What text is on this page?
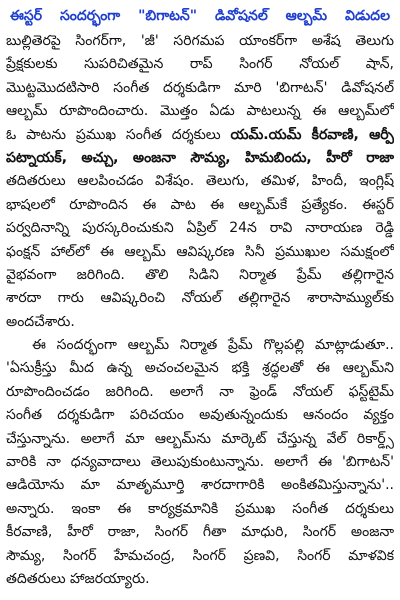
ఈస్టర్ సందర్భంగా "బిగాటన్" డివోషనల్ ఆల్బమ్ విడుదల
బుల్లితెరపై సింగర్‌గా, 'జీ' సరిగమప యాంకర్‌గా అశేష తెలుగు
ప్రేక్షకులకు సుపరిచితమైన రాప్ సింగర్ నోయల్ షాన్,
మొట్టమొదటిసారి సంగీత దర్శకుడిగా మారి 'బిగాటన్' డివోషనల్
ఆల్బమ్ రూపొందించారు. మొత్తం ఏడు పాటలున్న ఈ ఆల్బమ్‌లో
ఓ పాటను ప్రముఖ సంగీత దర్శకులు యమ్.యమ్ కీరవాణి, ఆర్పీ
పట్నాయక్, అచ్చు, అంజనా సౌమ్య, హిమబిందు, హీరో రాజా
తదితరులు ఆలపించడం విశేషం. తెలుగు, తమిళ, హిందీ, ఇంగ్లిష్
భాషలలో రూపొందిన ఈ పాట ఈ ఆల్బమ్‌కే ప్రత్యేకం. ఈస్టర్
పర్వదినాన్ని పురస్కరించుకుని ఏప్రిల్ 24న రావి నారాయణ రెడ్డి
ఫంక్షన్ హాల్‌లో ఈ ఆల్బమ్ ఆవిష్కరణ సినీ ప్రముఖుల సమక్షంలో
వైభవంగా జరిగింది. తొలి సిడిని నిర్మాత ప్రేమ్ తల్లిగారైన
శారదా గారు ఆవిష్కరించి నోయల్ తల్లిగారైన శారాసామ్యుల్‌కు
అందచేశారు.
ఈ సందర్భంగా ఆల్బమ్ నిర్మాత ప్రేమ్ గొల్లపల్లి మాట్లాడుతూ..
'ఏసుక్రీస్తు మీద ఉన్న అచంచలమైన భక్తి శ్రద్ధలతో ఈ ఆల్బమ్‌ని
రూపొందించడం జరిగింది. అలాగే నా ఫ్రెండ్ నోయల్ ఫస్ట్‌టైమ్
సంగీత దర్శకుడిగా పరిచయం అవుతున్నందుకు ఆనందం వ్యక్తం
చేస్తున్నాను. అలాగే మా ఆల్బమ్‌ను మార్కెట్ చేస్తున్న వేల్ రికార్డ్స్
వారికి నా ధన్యవాదాలు తెలుపుకుంటున్నాను. అలాగే ఈ 'బిగాటన్'
ఆడియోను మా మాతృమూర్తి శారదాగారికి అంకితమిస్తున్నాను'..
అన్నారు. ఇంకా ఈ కార్యక్రమానికి ప్రముఖ సంగీత దర్శకులు
కీరవాణి, హీరో రాజా, సింగర్ గీతా మాధురి, సింగర్ అంజనా
సౌమ్య, సింగర్ హేమచంద్ర, సింగర్ ప్రణవి, సింగర్ మాళవిక
తదితరులు హాజరయ్యారు.
